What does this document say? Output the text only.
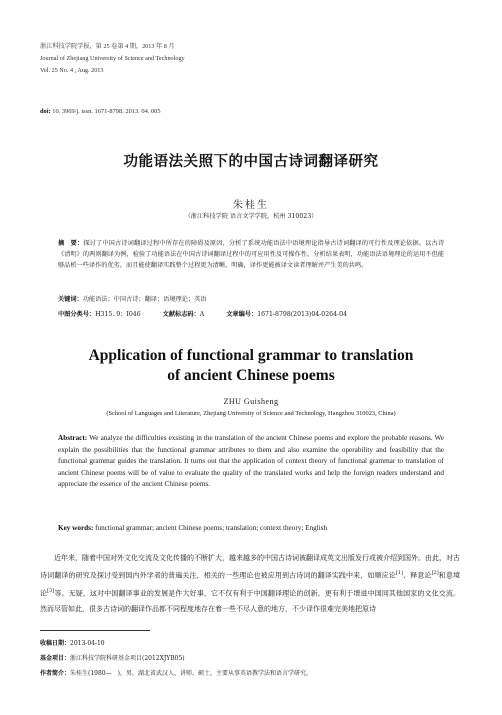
浙江科技学院学报，第 25 卷第 4 期，2013 年 8 月
Journal of Zhejiang University of Science and Technology
Vol. 25 No. 4 , Aug. 2013
doi: 10. 3969/j. issn. 1671-8798. 2013. 04. 005
功能语法关照下的中国古诗词翻译研究
朱桂生
（浙江科技学院 语言文学学院，杭州 310023）
摘　要：探讨了中国古诗词翻译过程中所存在的障碍及原因，分析了系统功能语法中语境理论指导古诗词翻译的可行性及理论依据。以古诗《清明》的两则翻译为例，检验了功能语法在中国古诗词翻译过程中的可应用性及可操作性。分析结果表明，功能语法语境理论的运用不但能够品析一些译作的优劣，而且能使翻译实践整个过程更为清晰、明确，译作更能被译文读者理解并产生美的共鸣。
关键词：功能语法；中国古诗；翻译；语境理论；英语
中图分类号：H315. 9；I046	文献标志码：A	文章编号：1671-8798(2013)04-0264-04
Application of functional grammar to translation
of ancient Chinese poems
ZHU Guisheng
(School of Languages and Literature, Zhejiang University of Science and Technology, Hangzhou 310023, China)
Abstract: We analyze the difficulties exsisting in the translation of the ancient Chinese poems and explore the probable reasons. We explain the possibilities that the functional grammar attributes to them and also examine the operability and feasibility that the functional grammar guides the translation. It turns out that the application of context theory of functional grammar to translation of ancient Chinese poems will be of value to evaluate the quality of the translated works and help the foreign readers understand and appreciate the essence of the ancient Chinese poems.
Key words: functional grammar; ancient Chinese poems; translation; context theory; English
近年来，随着中国对外文化交流及文化传播的不断扩大，越来越多的中国古诗词被翻译成英文出版发行或被介绍到国外。由此，对古诗词翻译的研究及探讨受到国内外学者的普遍关注，相关的一些理论也被应用到古诗词的翻译实践中来，如顺应论[1]、释意论[2]和意境论[3]等。无疑，这对中国翻译事业的发展是件大好事，它不仅有利于中国翻译理论的创新，更有利于增进中国同其他国家的文化交流。然而尽管如此，很多古诗词的翻译作品都不同程度地存在着一些不尽人意的地方，不少译作很难完美地把原诗
收稿日期：2013-04-10
基金项目：浙江科技学院科研基金项目(2012XJYB05)
作者简介：朱桂生(1980—　)，男，湖北省武汉人，讲师，硕士，主要从事英语教学法和语言学研究。
